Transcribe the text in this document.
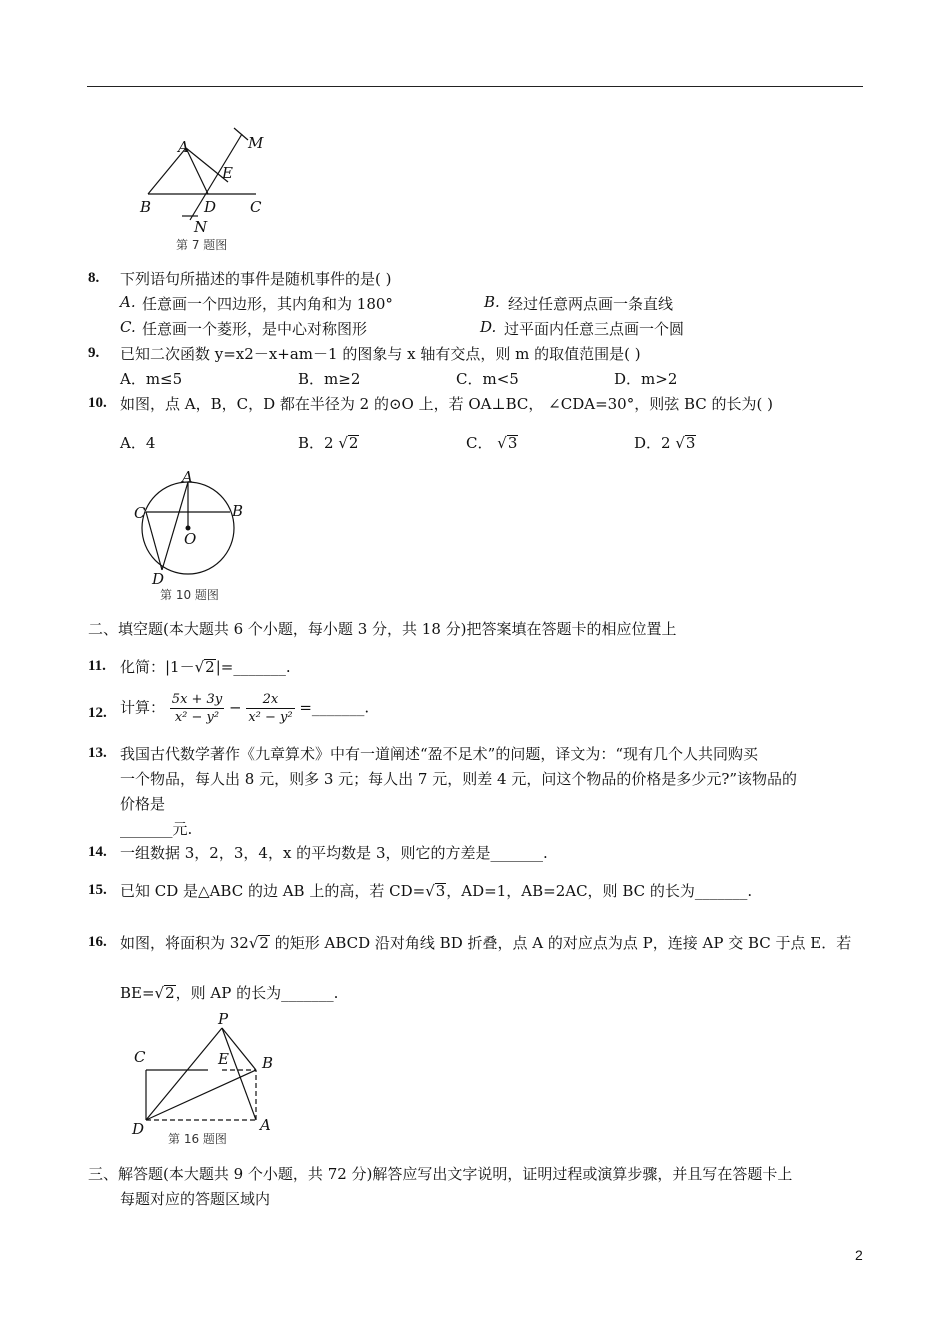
A
B	C
D
E
M
N
第 7 题图
8. 下列语句所描述的事件是随机事件的是( )
A. 任意画一个四边形，其内角和为 180°	B. 经过任意两点画一条直线
C. 任意画一个菱形，是中心对称图形	D. 过平面内任意三点画一个圆
9. 已知二次函数 y=x2－x+am－1 的图象与 x 轴有交点，则 m 的取值范围是( )
A．m≤5	B．m≥2	C．m<5	D．m>2
10. 如图，点 A，B，C，D 都在半径为 2 的⊙O 上，若 OA⊥BC， ∠CDA=30°，则弦 BC 的长为( )
A．4	B．2 √2	C． √3	D．2 √3
A
B
C
D
O
第 10 题图
二、填空题(本大题共 6 个小题，每小题 3 分，共 18 分)把答案填在答题卡的相应位置上
11. 化简：|1－√2|=_______.
12. 计算： $\frac{5x + 3y}{\text{x² − y²}} - \frac{2x}{\text{x² − y²}}$ =_______.
13. 我国古代数学著作《九章算术》中有一道阐述“盈不足术”的问题，译文为：“现有几个人共同购买
一个物品，每人出 8 元，则多 3 元；每人出 7 元，则差 4 元，问这个物品的价格是多少元?”该物品的
价格是
_______元.
14. 一组数据 3，2，3，4，x 的平均数是 3，则它的方差是_______.
15. 已知 CD 是△ABC 的边 AB 上的高，若 CD=√3，AD=1，AB=2AC，则 BC 的长为_______.
16. 如图，将面积为 32√2 的矩形 ABCD 沿对角线 BD 折叠，点 A 的对应点为点 P，连接 AP 交 BC 于点 E．若
BE=√2，则 AP 的长为_______.
P
C	E B
D	A
第 16 题图
三、解答题(本大题共 9 个小题，共 72 分)解答应写出文字说明，证明过程或演算步骤，并且写在答题卡上
每题对应的答题区域内
2
